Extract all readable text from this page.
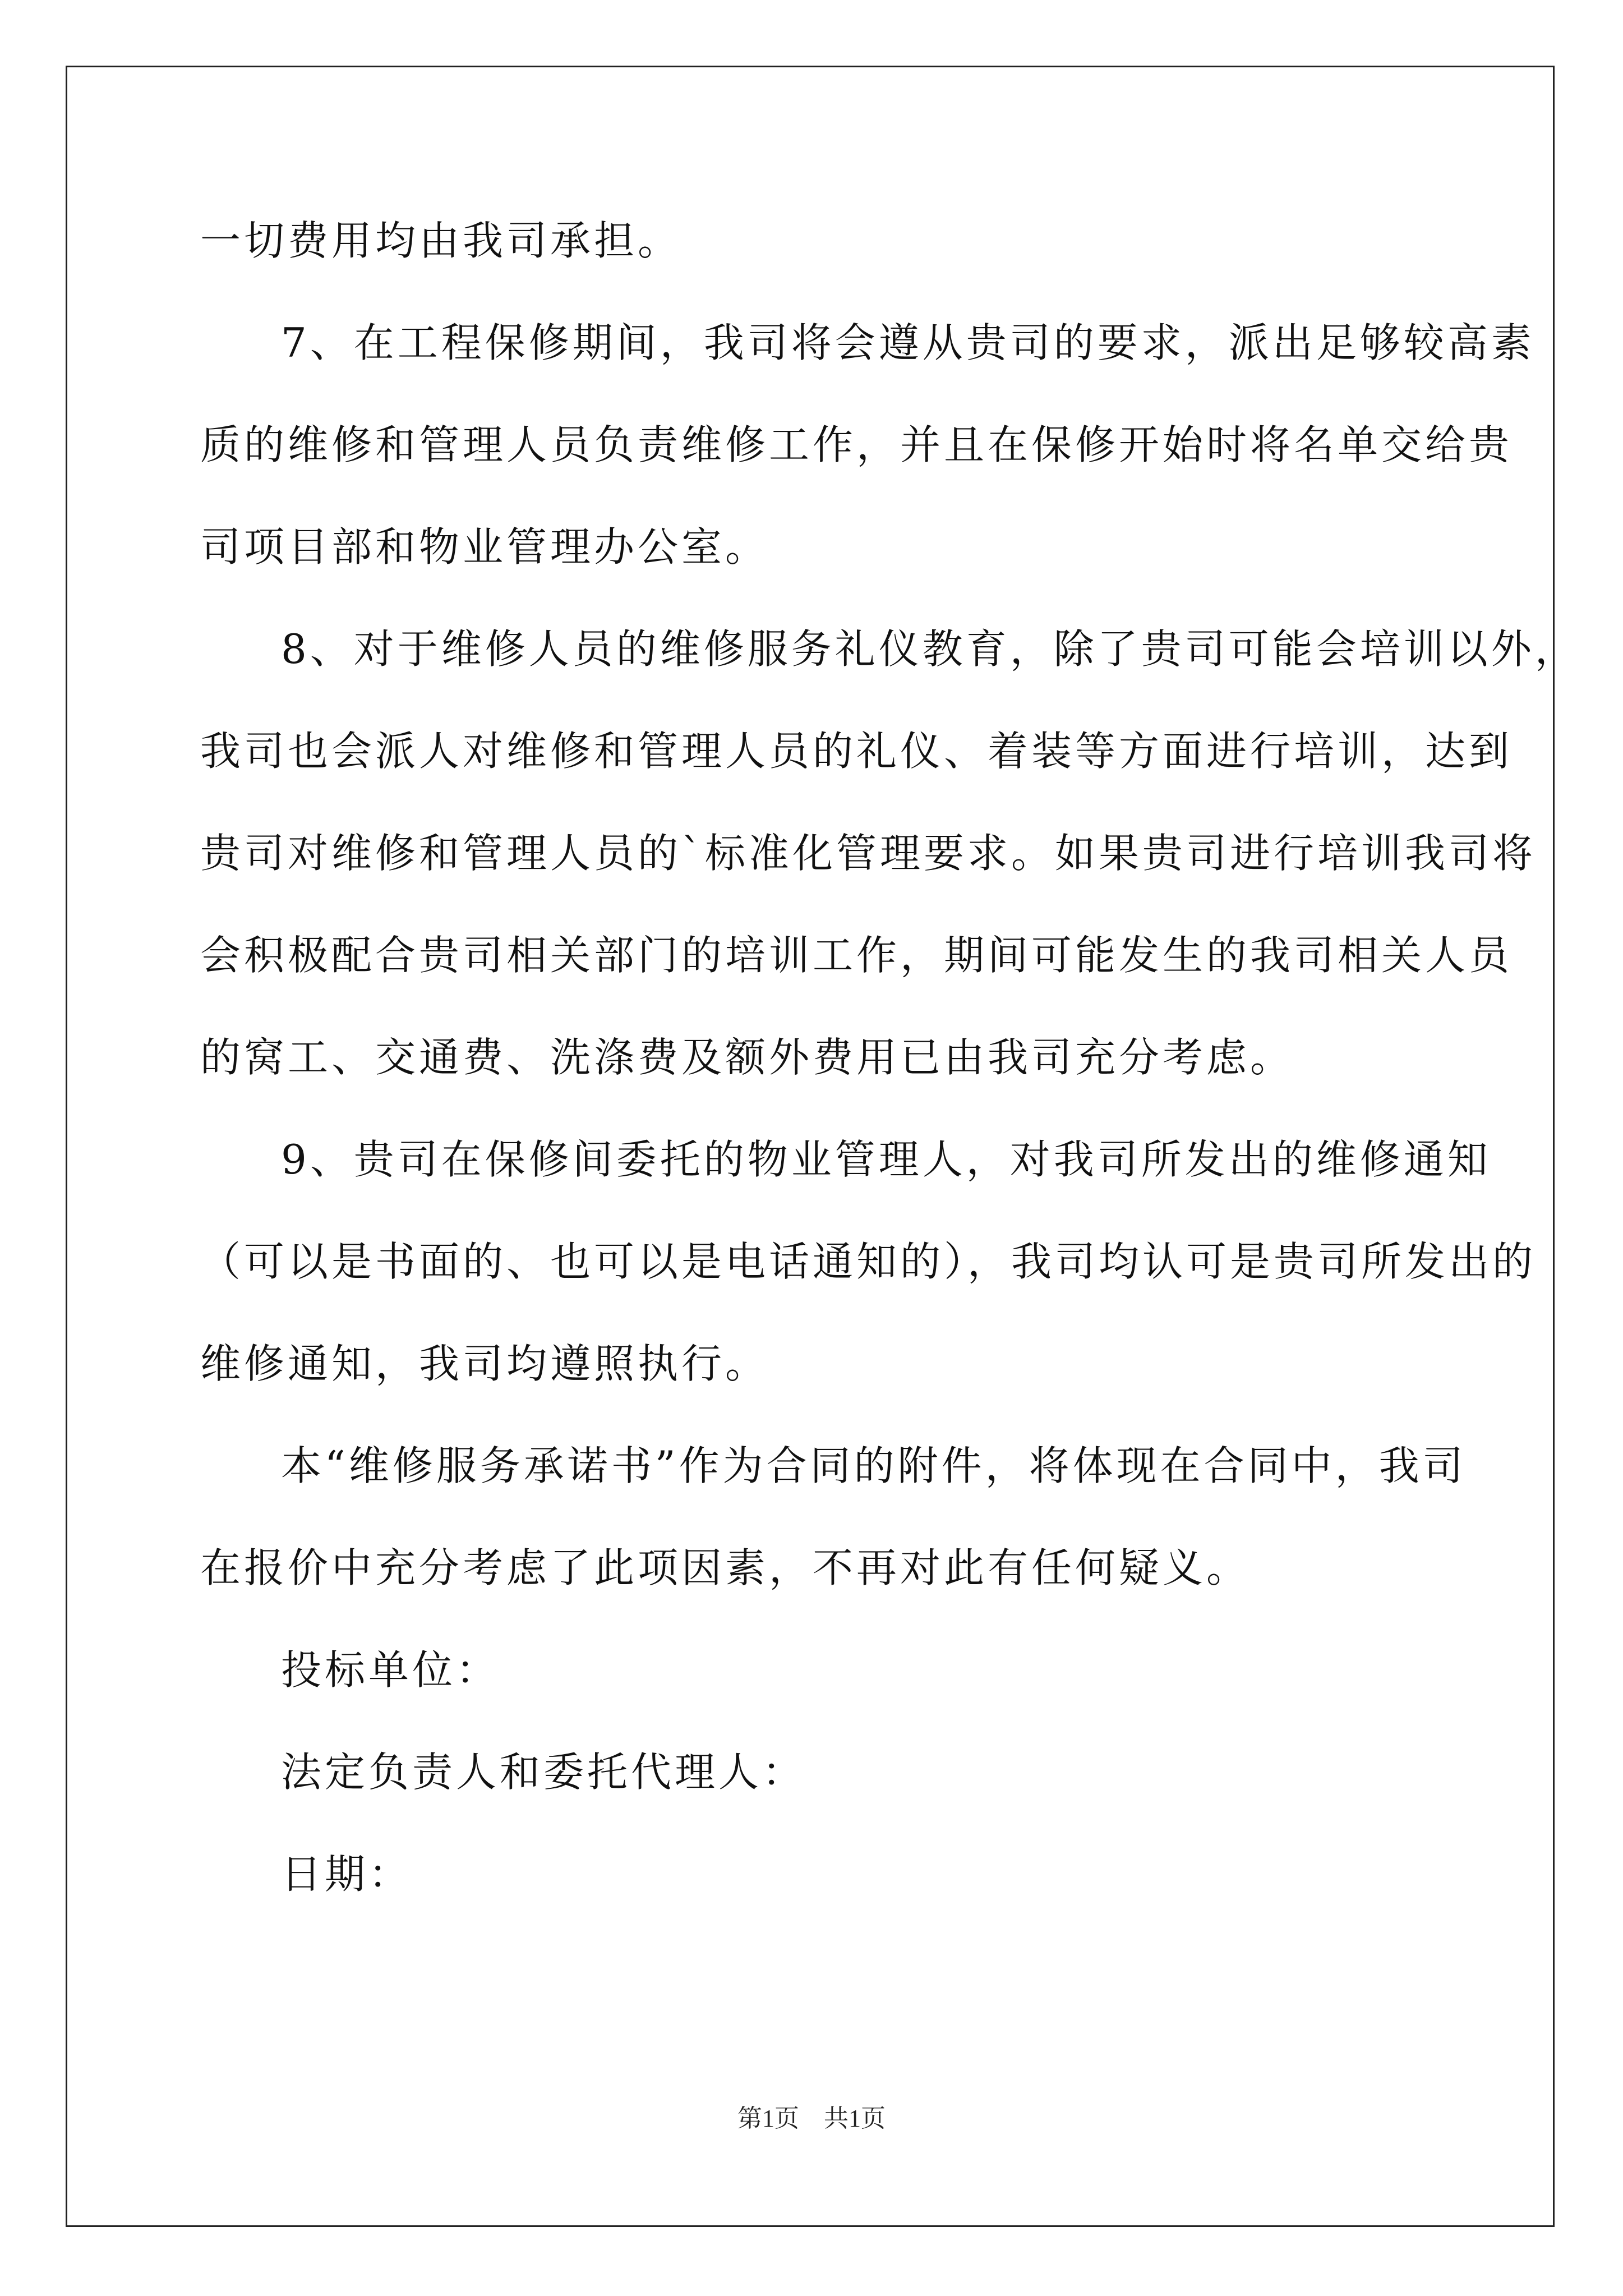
一切费用均由我司承担。
7、在工程保修期间，我司将会遵从贵司的要求，派出足够较高素
质的维修和管理人员负责维修工作，并且在保修开始时将名单交给贵
司项目部和物业管理办公室。
8、对于维修人员的维修服务礼仪教育，除了贵司可能会培训以外，
我司也会派人对维修和管理人员的礼仪、着装等方面进行培训，达到
贵司对维修和管理人员的`标准化管理要求。如果贵司进行培训我司将
会积极配合贵司相关部门的培训工作，期间可能发生的我司相关人员
的窝工、交通费、洗涤费及额外费用已由我司充分考虑。
9、贵司在保修间委托的物业管理人，对我司所发出的维修通知
（可以是书面的、也可以是电话通知的），我司均认可是贵司所发出的
维修通知，我司均遵照执行。
本“维修服务承诺书”作为合同的附件，将体现在合同中，我司
在报价中充分考虑了此项因素，不再对此有任何疑义。
投标单位：
法定负责人和委托代理人：
日期：
第1页　共1页
